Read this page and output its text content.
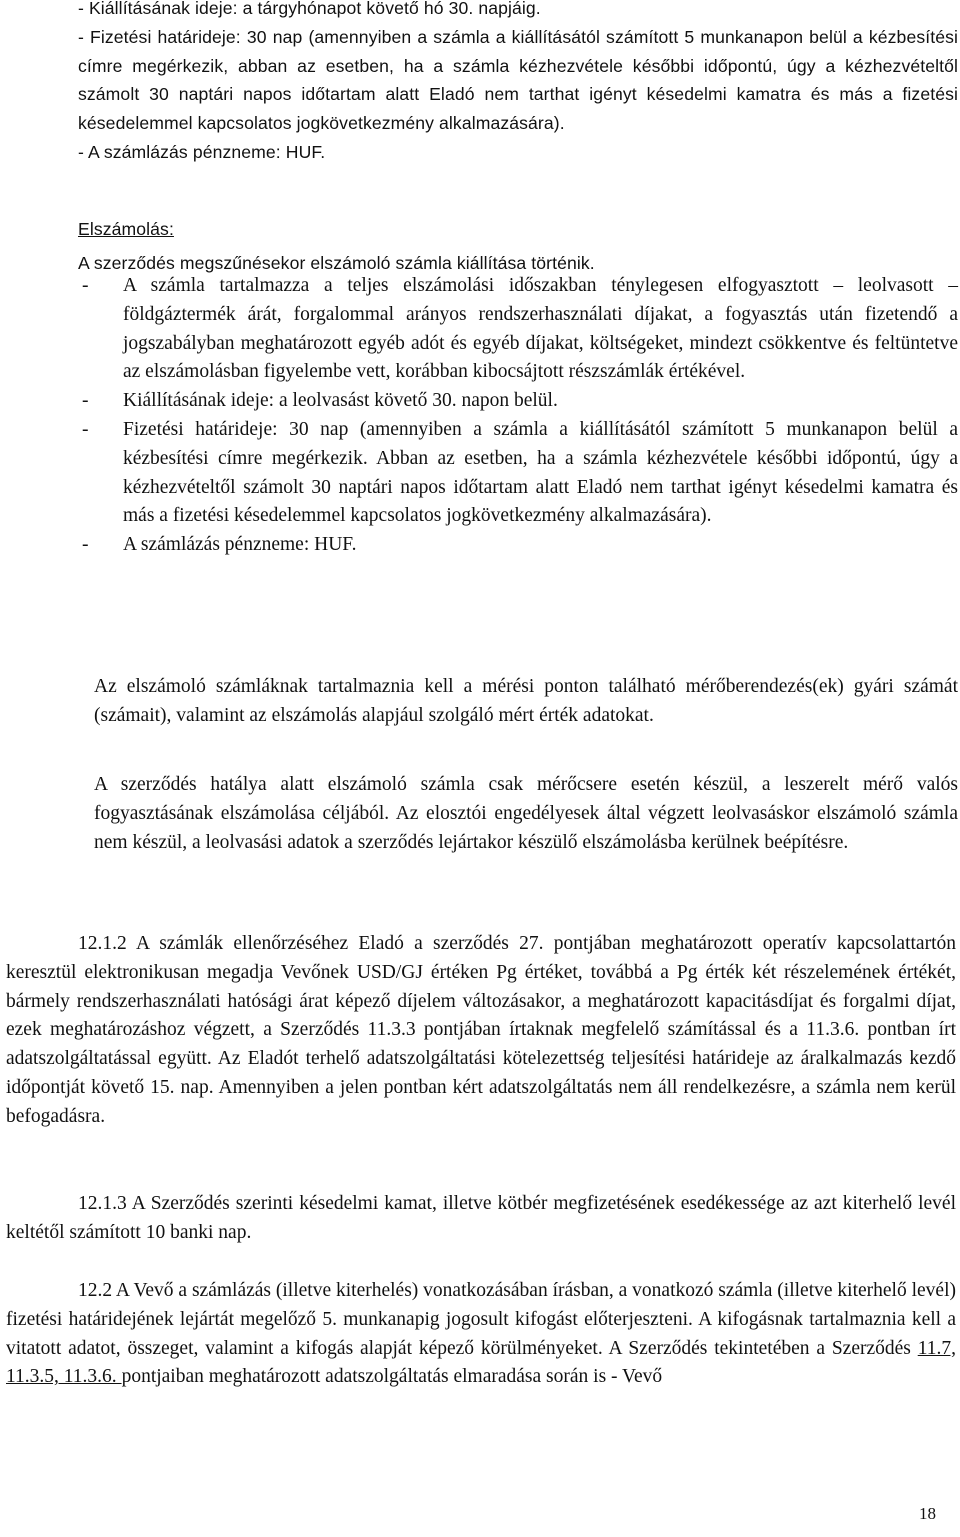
- Kiállításának ideje: a tárgyhónapot követő hó 30. napjáig.

- Fizetési határideje: 30 nap (amennyiben a számla a kiállításától számított 5 munkanapon belül a kézbesítési címre megérkezik, abban az esetben, ha a számla kézhezvétele későbbi időpontú, úgy a kézhezvételtől számolt 30 naptári napos időtartam alatt Eladó nem tarthat igényt késedelmi kamatra és más a fizetési késedelemmel kapcsolatos jogkövetkezmény alkalmazására).

- A számlázás pénzneme: HUF.

Elszámolás:

A szerződés megszűnésekor elszámoló számla kiállítása történik.

- A számla tartalmazza a teljes elszámolási időszakban ténylegesen elfogyasztott – leolvasott – földgáztermék árát, forgalommal arányos rendszerhasználati díjakat, a fogyasztás után fizetendő a jogszabályban meghatározott egyéb adót és egyéb díjakat, költségeket, mindezt csökkentve és feltüntetve az elszámolásban figyelembe vett, korábban kibocsájtott részszámlák értékével.
- Kiállításának ideje: a leolvasást követő 30. napon belül.
- Fizetési határideje: 30 nap (amennyiben a számla a kiállításától számított 5 munkanapon belül a kézbesítési címre megérkezik. Abban az esetben, ha a számla kézhezvétele későbbi időpontú, úgy a kézhezvételtől számolt 30 naptári napos időtartam alatt Eladó nem tarthat igényt késedelmi kamatra és más a fizetési késedelemmel kapcsolatos jogkövetkezmény alkalmazására).
- A számlázás pénzneme: HUF.

Az elszámoló számláknak tartalmaznia kell a mérési ponton található mérőberendezés(ek) gyári számát (számait), valamint az elszámolás alapjául szolgáló mért érték adatokat.

A szerződés hatálya alatt elszámoló számla csak mérőcsere esetén készül, a leszerelt mérő valós fogyasztásának elszámolása céljából. Az elosztói engedélyesek által végzett leolvasáskor elszámoló számla nem készül, a leolvasási adatok a szerződés lejártakor készülő elszámolásba kerülnek beépítésre.

12.1.2 A számlák ellenőrzéséhez Eladó a szerződés 27. pontjában meghatározott operatív kapcsolattartón keresztül elektronikusan megadja Vevőnek USD/GJ értéken Pg értéket, továbbá a Pg érték két részelemének értékét, bármely rendszerhasználati hatósági árat képező díjelem változásakor, a meghatározott kapacitásdíjat és forgalmi díjat, ezek meghatározáshoz végzett, a Szerződés 11.3.3 pontjában írtaknak megfelelő számítással és a 11.3.6. pontban írt adatszolgáltatással együtt. Az Eladót terhelő adatszolgáltatási kötelezettség teljesítési határideje az áralkalmazás kezdő időpontját követő 15. nap. Amennyiben a jelen pontban kért adatszolgáltatás nem áll rendelkezésre, a számla nem kerül befogadásra.

12.1.3 A Szerződés szerinti késedelmi kamat, illetve kötbér megfizetésének esedékessége az azt kiterhelő levél keltétől számított 10 banki nap.

12.2 A Vevő a számlázás (illetve kiterhelés) vonatkozásában írásban, a vonatkozó számla (illetve kiterhelő levél) fizetési határidejének lejártát megelőző 5. munkanapig jogosult kifogást előterjeszteni. A kifogásnak tartalmaznia kell a vitatott adatot, összeget, valamint a kifogás alapját képező körülményeket. A Szerződés tekintetében a Szerződés 11.7, 11.3.5, 11.3.6. pontjaiban meghatározott adatszolgáltatás elmaradása során is - Vevő

18
